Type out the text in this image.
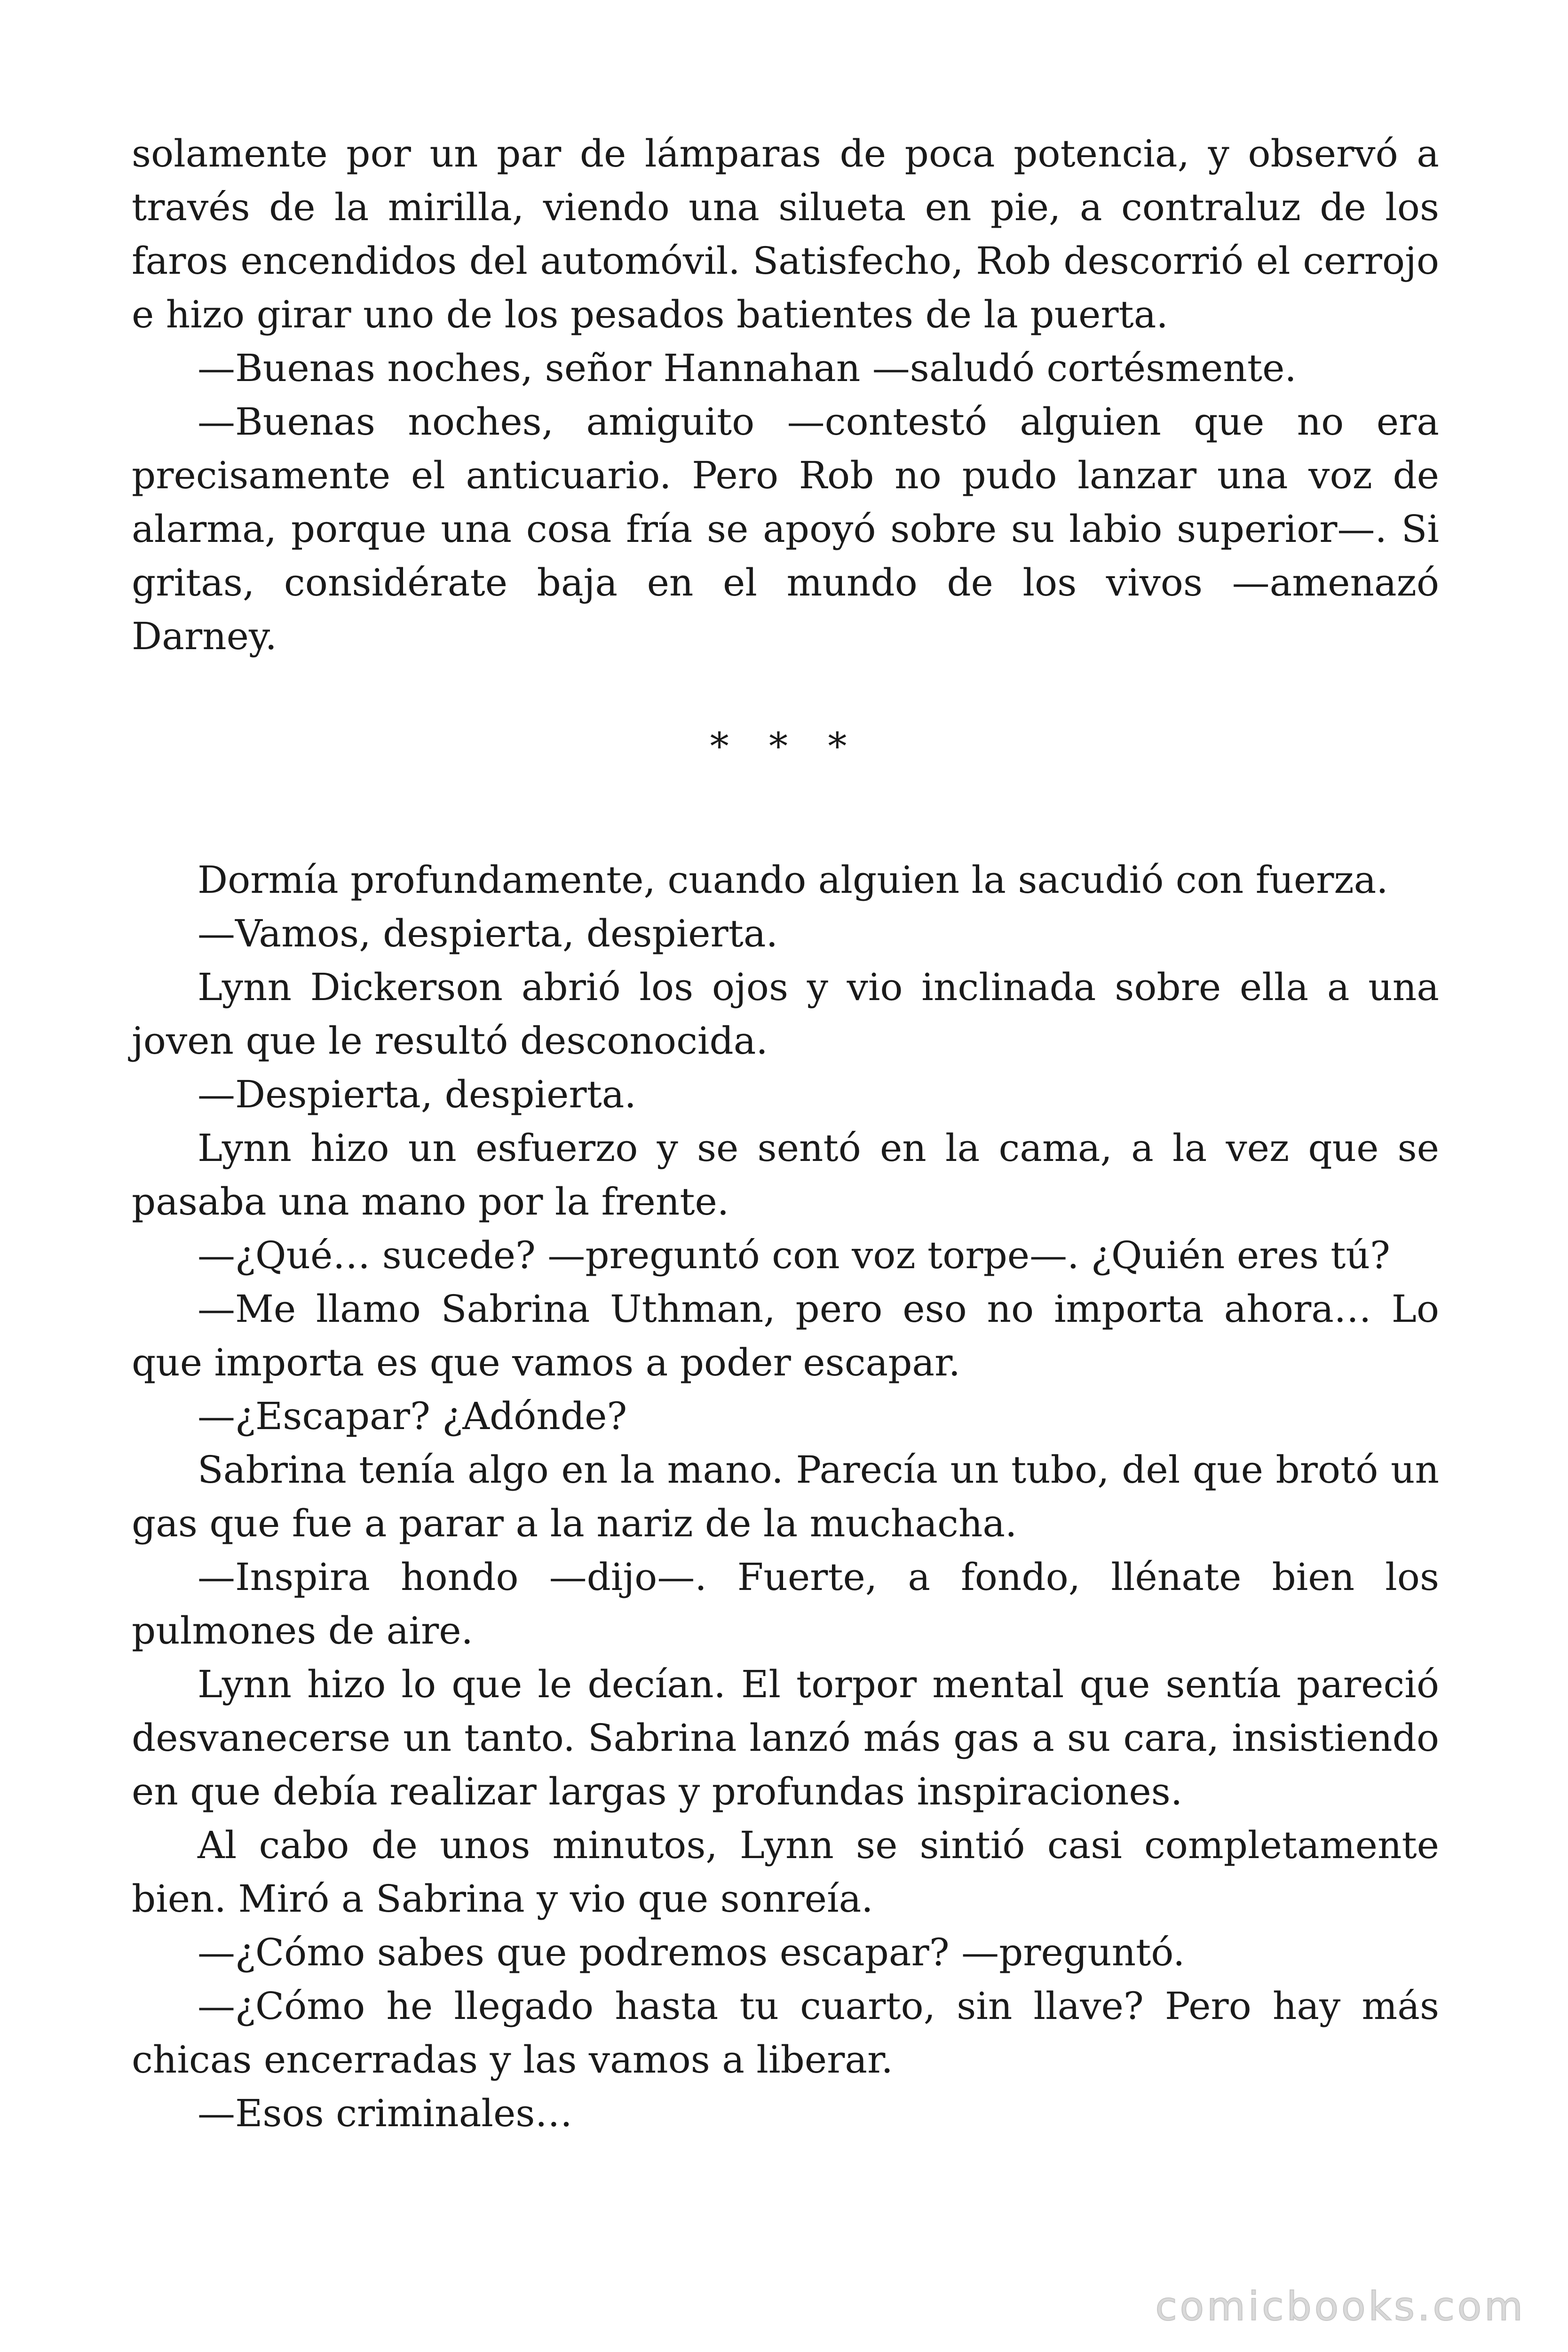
solamente por un par de lámparas de poca potencia, y observó a través de la mirilla, viendo una silueta en pie, a contraluz de los faros encendidos del automóvil. Satisfecho, Rob descorrió el cerrojo e hizo girar uno de los pesados batientes de la puerta.

—Buenas noches, señor Hannahan —saludó cortésmente.

—Buenas noches, amiguito —contestó alguien que no era precisamente el anticuario. Pero Rob no pudo lanzar una voz de alarma, porque una cosa fría se apoyó sobre su labio superior—. Si gritas, considérate baja en el mundo de los vivos —amenazó Darney.

* * *

Dormía profundamente, cuando alguien la sacudió con fuerza.

—Vamos, despierta, despierta.

Lynn Dickerson abrió los ojos y vio inclinada sobre ella a una joven que le resultó desconocida.

—Despierta, despierta.

Lynn hizo un esfuerzo y se sentó en la cama, a la vez que se pasaba una mano por la frente.

—¿Qué… sucede? —preguntó con voz torpe—. ¿Quién eres tú?

—Me llamo Sabrina Uthman, pero eso no importa ahora… Lo que importa es que vamos a poder escapar.

—¿Escapar? ¿Adónde?

Sabrina tenía algo en la mano. Parecía un tubo, del que brotó un gas que fue a parar a la nariz de la muchacha.

—Inspira hondo —dijo—. Fuerte, a fondo, llénate bien los pulmones de aire.

Lynn hizo lo que le decían. El torpor mental que sentía pareció desvanecerse un tanto. Sabrina lanzó más gas a su cara, insistiendo en que debía realizar largas y profundas inspiraciones.

Al cabo de unos minutos, Lynn se sintió casi completamente bien. Miró a Sabrina y vio que sonreía.

—¿Cómo sabes que podremos escapar? —preguntó.

—¿Cómo he llegado hasta tu cuarto, sin llave? Pero hay más chicas encerradas y las vamos a liberar.

—Esos criminales…

comicbooks.com
